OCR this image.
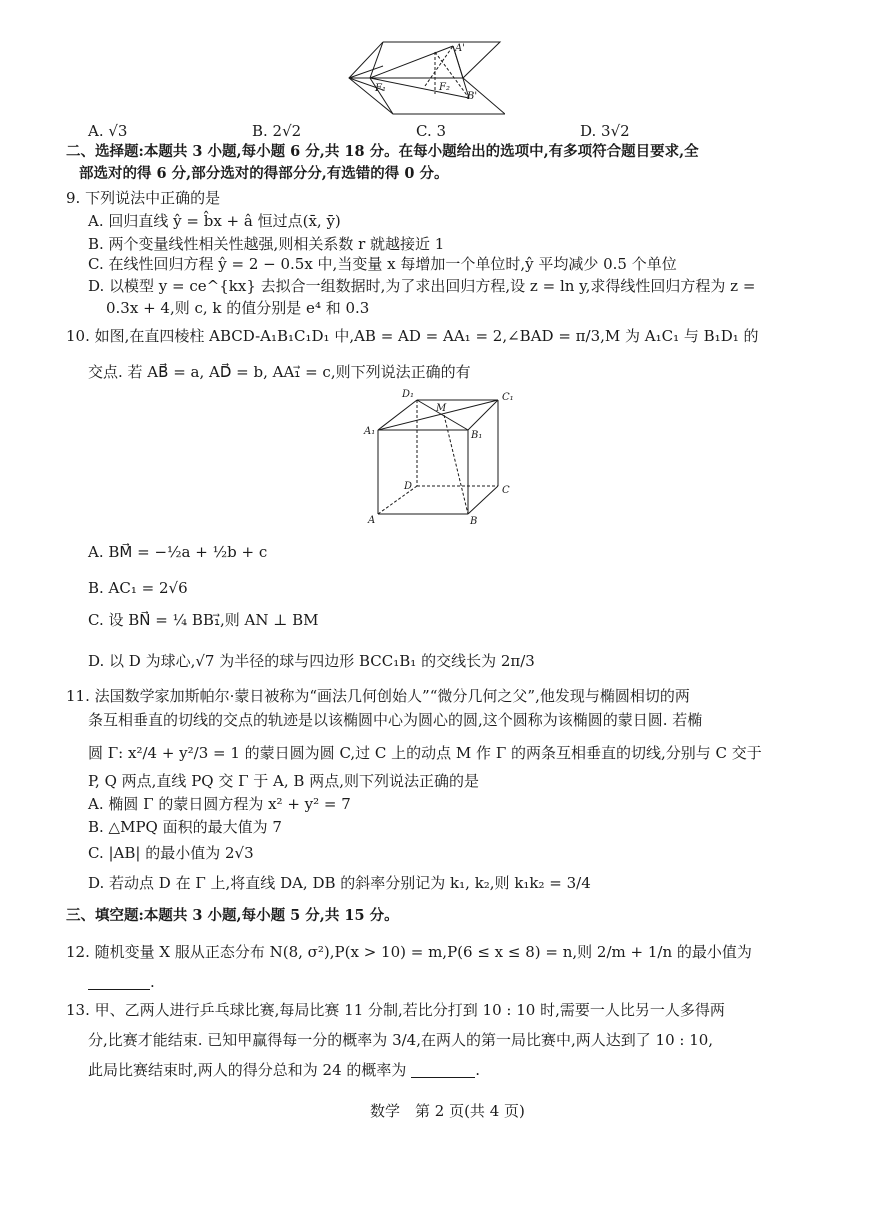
A'
F₁	F₂
B'
A. √3	B. 2√2	C. 3	D. 3√2
二、选择题:本题共 3 小题,每小题 6 分,共 18 分。在每小题给出的选项中,有多项符合题目要求,全
部选对的得 6 分,部分选对的得部分分,有选错的得 0 分。
9. 下列说法中正确的是
A. 回归直线 ŷ = b̂x + â 恒过点(x̄, ȳ)
B. 两个变量线性相关性越强,则相关系数 r 就越接近 1
C. 在线性回归方程 ŷ = 2 − 0.5x 中,当变量 x 每增加一个单位时,ŷ 平均减少 0.5 个单位
D. 以模型 y = ce^{kx} 去拟合一组数据时,为了求出回归方程,设 z = ln y,求得线性回归方程为 z =
0.3x + 4,则 c, k 的值分别是 e⁴ 和 0.3
10. 如图,在直四棱柱 ABCD-A₁B₁C₁D₁ 中,AB = AD = AA₁ = 2,∠BAD = π/3,M 为 A₁C₁ 与 B₁D₁ 的
交点. 若 AB⃗ = a, AD⃗ = b, AA₁⃗ = c,则下列说法正确的有
D₁
M
C₁
A₁	B₁
D	C
A	B
A. BM⃗ = −½a + ½b + c
B. AC₁ = 2√6
C. 设 BN⃗ = ¼ BB₁⃗,则 AN ⊥ BM
D. 以 D 为球心,√7 为半径的球与四边形 BCC₁B₁ 的交线长为 2π/3
11. 法国数学家加斯帕尔·蒙日被称为“画法几何创始人”“微分几何之父”,他发现与椭圆相切的两
条互相垂直的切线的交点的轨迹是以该椭圆中心为圆心的圆,这个圆称为该椭圆的蒙日圆. 若椭
圆 Γ: x²/4 + y²/3 = 1 的蒙日圆为圆 C,过 C 上的动点 M 作 Γ 的两条互相垂直的切线,分别与 C 交于
P, Q 两点,直线 PQ 交 Γ 于 A, B 两点,则下列说法正确的是
A. 椭圆 Γ 的蒙日圆方程为 x² + y² = 7
B. △MPQ 面积的最大值为 7
C. |AB| 的最小值为 2√3
D. 若动点 D 在 Γ 上,将直线 DA, DB 的斜率分别记为 k₁, k₂,则 k₁k₂ = 3/4
三、填空题:本题共 3 小题,每小题 5 分,共 15 分。
12. 随机变量 X 服从正态分布 N(8, σ²),P(x > 10) = m,P(6 ≤ x ≤ 8) = n,则 2/m + 1/n 的最小值为
.
13. 甲、乙两人进行乒乓球比赛,每局比赛 11 分制,若比分打到 10 : 10 时,需要一人比另一人多得两
分,比赛才能结束. 已知甲赢得每一分的概率为 3/4,在两人的第一局比赛中,两人达到了 10 : 10,
此局比赛结束时,两人的得分总和为 24 的概率为	.
数学　第 2 页(共 4 页)
